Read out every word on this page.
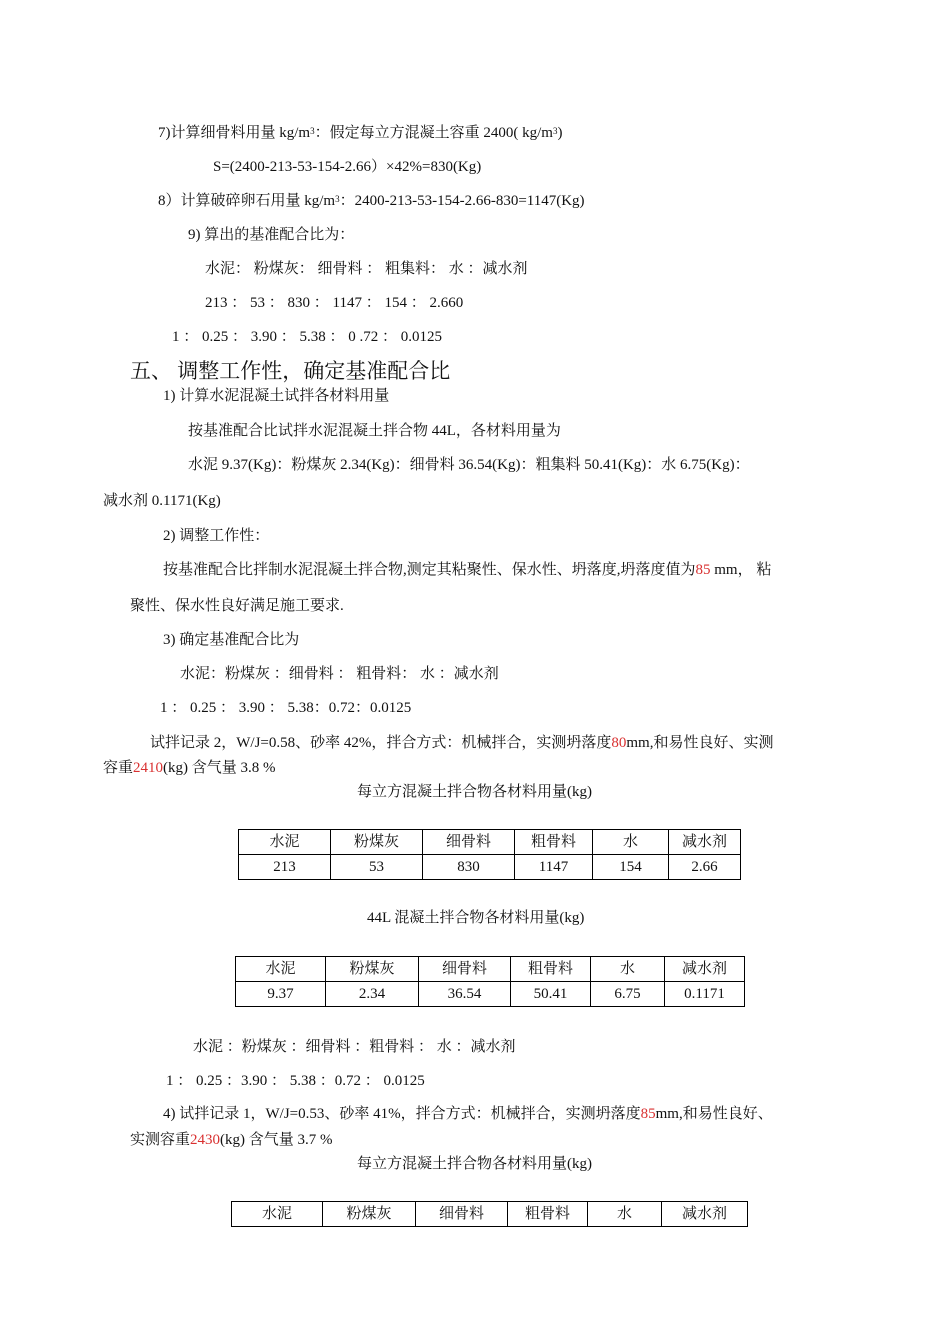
7)计算细骨料用量 $kg/m^3$：假定每立方混凝土容重 2400( $kg/m^3$)
S=(2400-213-53-154-2.66）×42%=830(Kg)
8）计算破碎卵石用量 $kg/m^3$：2400-213-53-154-2.66-830=1147(Kg)
9) 算出的基准配合比为：
水泥： 粉煤灰： 细骨料 ： 粗集料： 水 ：减水剂
213 ： 53 ： 830 ： 1147 ： 154 ： 2.660
1 ： 0.25 ： 3.90 ： 5.38 ： 0 .72 ： 0.0125
五、 调整工作性，确定基准配合比
1) 计算水泥混凝土试拌各材料用量
按基准配合比试拌水泥混凝土拌合物 44L，各材料用量为
水泥 9.37(Kg)：粉煤灰 2.34(Kg)：细骨料 36.54(Kg)：粗集料 50.41(Kg)：水 6.75(Kg)：
减水剂 0.1171(Kg)
2) 调整工作性：
按基准配合比拌制水泥混凝土拌合物,测定其粘聚性、保水性、坍落度,坍落度值为85 mm， 粘
聚性、保水性良好满足施工要求.
3) 确定基准配合比为
水泥：粉煤灰 ：细骨料 ： 粗骨料： 水 ：减水剂
1 ： 0.25 ： 3.90 ： 5.38：0.72：0.0125
试拌记录 2，W/J=0.58、砂率 42%，拌合方式：机械拌合，实测坍落度80mm,和易性良好、实测
容重2410(kg) 含气量 3.8 %
每立方混凝土拌合物各材料用量(kg)
水泥	粉煤灰	细骨料	粗骨料	水	减水剂
213	53	830	1147	154	2.66
44L 混凝土拌合物各材料用量(kg)
水泥	粉煤灰	细骨料	粗骨料	水	减水剂
9.37	2.34	36.54	50.41	6.75	0.1171
水泥 ：粉煤灰 ：细骨料 ：粗骨料 ： 水 ：减水剂
1 ： 0.25 ：3.90 ： 5.38 ：0.72 ： 0.0125
4) 试拌记录 1，W/J=0.53、砂率 41%，拌合方式：机械拌合，实测坍落度85mm,和易性良好、
实测容重2430(kg) 含气量 3.7 %
每立方混凝土拌合物各材料用量(kg)
水泥	粉煤灰	细骨料	粗骨料	水	减水剂
